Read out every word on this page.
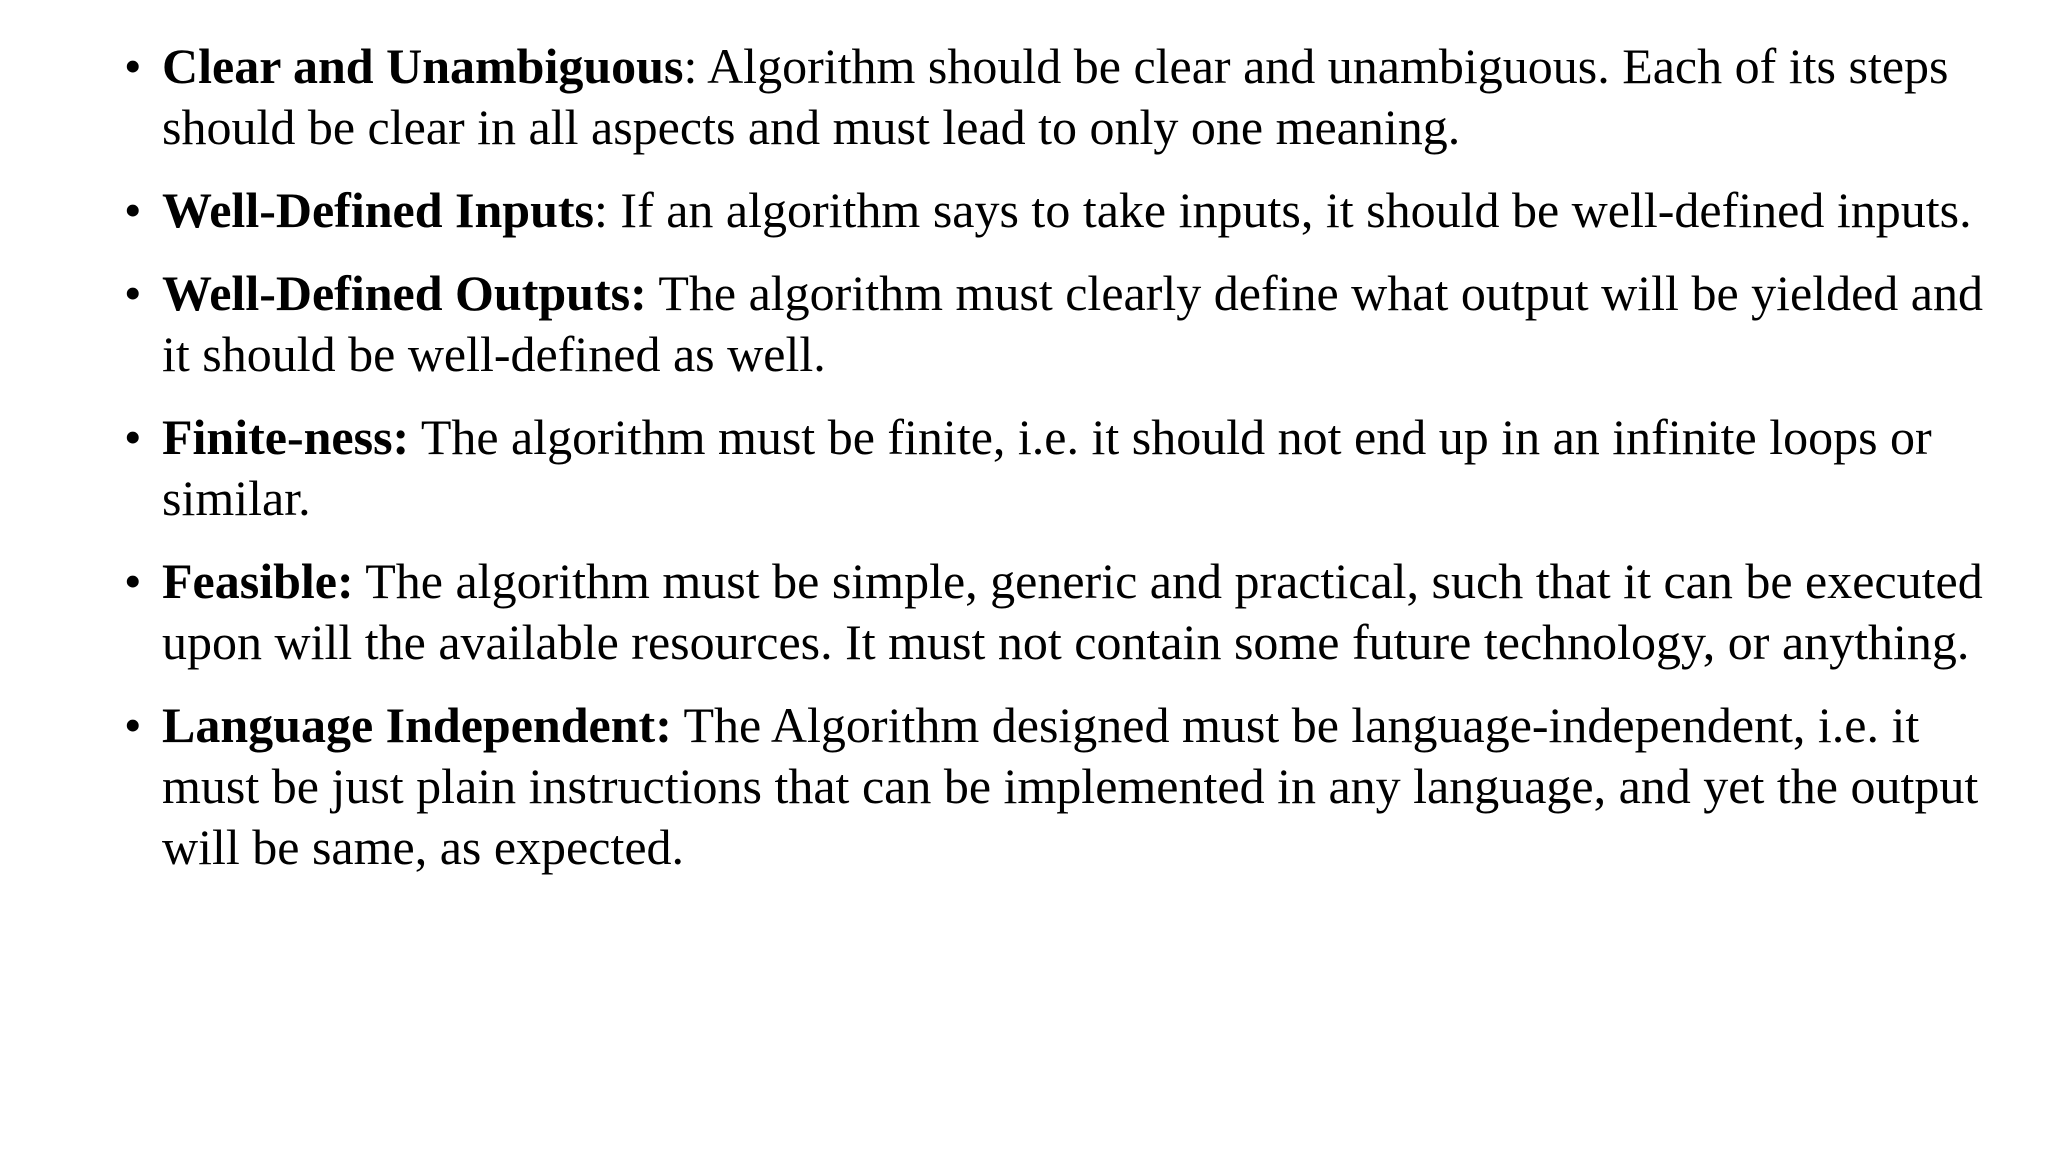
• Clear and Unambiguous: Algorithm should be clear and unambiguous. Each of its steps should be clear in all aspects and must lead to only one meaning.
• Well-Defined Inputs: If an algorithm says to take inputs, it should be well-defined inputs.
• Well-Defined Outputs: The algorithm must clearly define what output will be yielded and it should be well-defined as well.
• Finite-ness: The algorithm must be finite, i.e. it should not end up in an infinite loops or similar.
• Feasible: The algorithm must be simple, generic and practical, such that it can be executed upon will the available resources. It must not contain some future technology, or anything.
• Language Independent: The Algorithm designed must be language-independent, i.e. it must be just plain instructions that can be implemented in any language, and yet the output will be same, as expected.
